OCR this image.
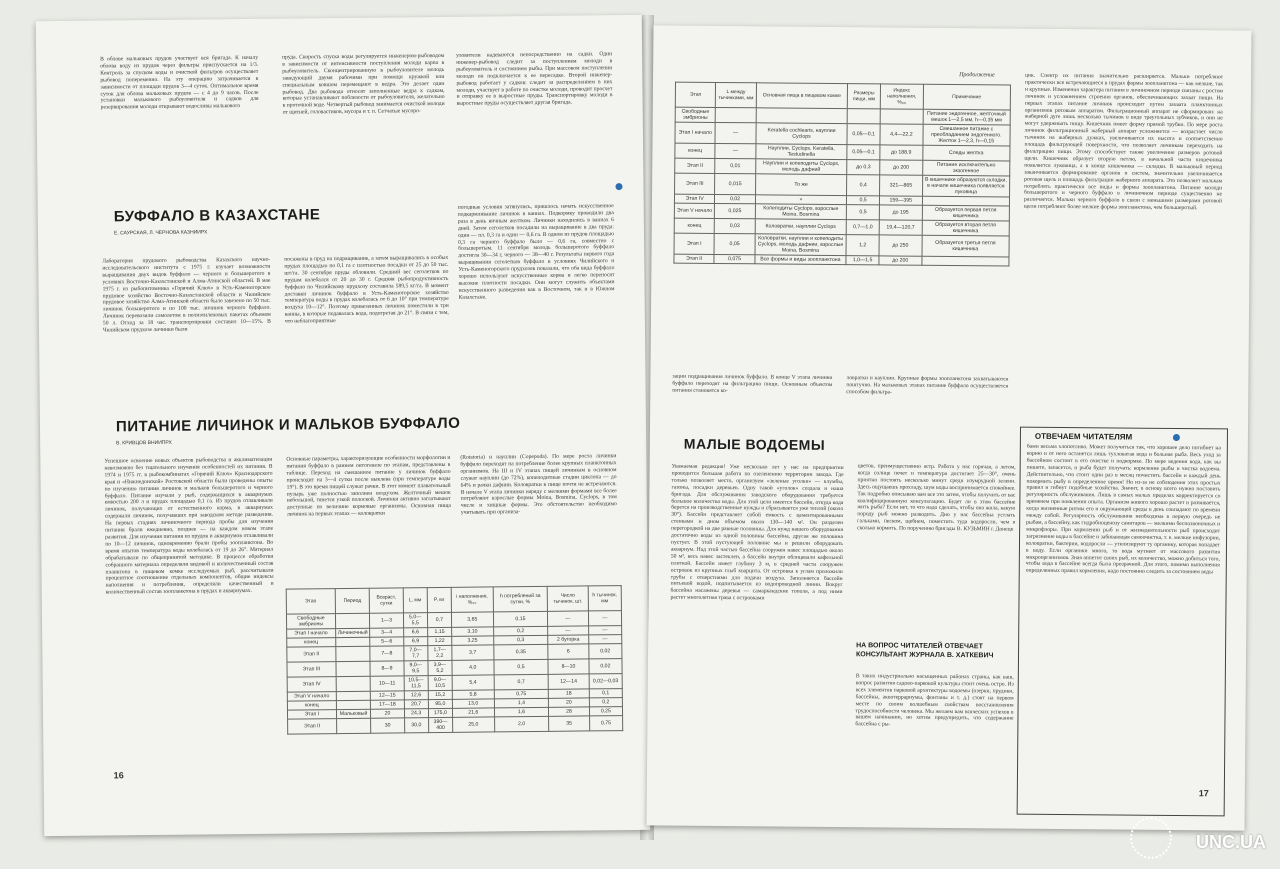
В облове мальковых прудов участвует вся бригада. К началу облова воду из прудов через фильтры приспускается на 1/3. Контроль за спуском воды и очисткой фильтров осуществляет рыбовод попеременно. На эту операцию затрачивается в зависимости от площади прудов 3—4 суток. Оптимальное время суток для облова мальковых прудов — с 4 до 9 часов. После установки малькового рыбоуловителя и садков для резервирования молоди открывают водосливы малькового
пруда. Скорость спуска воды регулируется инженером-рыбоводом в зависимости от интенсивности поступления молоди карпа в рыбоуловитель. Сконцентрированную в рыбоуловителе молодь заведующий двумя рабочими при помощи кружкой или специальным ковшом перемещают в ведра. Это делает один рыбовод. Два рыбовода относят заполненные ведра к садкам, которые устанавливают поблизости от рыбоуловителя, желательно в проточной воде. Четвертый рыбовод занимается очисткой молоди от щитней, головастиков, мусора и т. п. Сетчатые мусоро-
уловители надеваются непосредственно на садки. Один инженер-рыбовод следит за поступлением молоди в рыбоуловитель и состоянием рыбы. При массовом поступлении молоди он подключается к ее пересадке. Второй инженер-рыбовод работает у садков: следит за распределением в них молоди, участвует в работе по очистке молоди, проводит просчет и отправку ее в выростные пруды. Транспортировку молоди в выростные пруды осуществляет другая бригада.
БУФФАЛО В КАЗАХСТАНЕ
Е. САУРСКАЯ, Л. ЧЕРНОВА КАЗНИИРХ
Лаборатория прудового рыбоводства Казахского научно-исследовательского института с 1975 г. изучает возможности выращивания двух видов буффало — черного и большеротого в условиях Восточно-Казахстанской и Алма-Атинской областей. В мае 1975 г. из рыбопитомника «Горячий Ключ» в Усть-Каменогорское прудовое хозяйство Восточно-Казахстанской области и Чилийское прудовое хозяйство Алма-Атинской области было завезено по 50 тыс. личинок большеротого и по 100 тыс. личинок черного буффало. Личинок перевозили самолетом в полиэтиленовых пакетах объемом 50 л. Отход за 18 час. транспортировки составил 10—15%. В Чилийском прудхозе личинки были
посажены в пруд на подращивание, а затем выращивались в особых прудах площадью по 0,1 га с плотностью посадки от 25 до 50 тыс. шт/га. 30 сентября пруды обловили. Средний вес сеголетков по прудам колебался от 20 до 30 г. Средняя рыбопродуктивность буффало по Чилийскому прудхозу составила 589,5 кг/га. В момент доставки личинок буффало в Усть-Каменогорское хозяйство температура воды в прудах колебалась от 6 до 10° при температуре воздуха 10—12°. Поэтому привезенных личинок поместили в три ванны, в которые подавалась вода, подогретая до 21°. В связи с тем, что неблагоприятные
погодные условия затянулись, пришлось начать искусственное подкармливание личинок в ваннах. Подкормку проводили два раза в день яичным желтком. Личинки находились в ваннах 6 дней. Затем сеголетков посадили на выращивание в два пруда: один — пл. 0,3 га и один — 0,6 га. В одном из прудов площадью 0,3 га черного буффало было — 0,6 га, совместно с большеротым. 11 сентября молодь большеротого буффало достигла 30—34 г, черного — 38—40 г. Результаты первого года выращивания сеголетков буффало в условиях Чилийского и Усть-Каменогорского прудхозов показали, что оба вида буффало хорошо используют искусственные корма и легко переносят высокие плотности посадки. Они могут служить объектами искусственного разведения как в Восточном, так и в Южном Казахстане.
ПИТАНИЕ ЛИЧИНОК И МАЛЬКОВ БУФФАЛО
В. КРИВЦОВ ВНИИПРХ
Успешное освоение новых объектов рыбоводства и акклиматизации невозможно без тщательного изучения особенностей их питания. В 1974 и 1975 гг. в рыбокомбинатах «Горячий Ключ» Краснодарского края и «Нижнедонской» Ростовской области были проведены опыты по изучению питания личинок и мальков большеротого и черного буффало. Питание изучали у рыб, содержащихся в аквариумах емкостью 200 л и прудах площадью 0,1 га. Из прудов отлавливали личинок, получающих от естественного корма, в аквариумах содержали личинок, получавших при заводском методе разведения. На первых стадиях личиночного периода пробы для изучения питания брали ежедневно, позднее — на каждом новом этапе развития. Для изучения питания из прудов и аквариумов отлавливали по 10—12 личинок, одновременно брали пробы зоопланктона. Во время опытов температура воды колебалась от 19 до 26°. Материал обрабатывали по общепринятой методике. В процессе обработки собранного материала определяли видовой и количественный состав планктона в пищевом комке исследуемых рыб, рассчитывали процентное соотношение отдельных компонентов, общие индексы наполнения и потребления, определяли качественный и количественный состав зоопланктона в прудах и аквариумах.
Основные параметры, характеризующие особенности морфологии и питания буффало в раннем онтогенезе по этапам, представлены в таблице. Переход на смешанное питание у личинок буффало происходит на 3—4 сутки после выклева (при температуре воды 19°). В это время пищей служат рачки. В этот момент плавательный пузырь уже полностью заполнен воздухом. Желточный мешок небольшой, тянется узкой полоской. Личинки активно заглатывают доступные по величине кормовые организмы. Основная пища личинок на первых этапах — коловратки
(Rotatoria) и науплии (Copepoda). По мере роста личинки буффало переходят на потребление более крупных планктонных организмов. На III и IV этапах пищей личинкам в основном служат науплии (до 72%), копеподитные стадии циклопа — до 64% и рачки дафнии. Коловратки в пище почти не встречаются. В начале V этапа личинки наряду с мелкими формами все более потребляют взрослые формы Moina, Bosmina, Cyclops, в том числе и хищные формы. Это обстоятельство необходимо учитывать при организа-
Этап	Период	Возраст, сутки	L, мм	P, мг	i наполнения, %₀₀	h потреблений за сутки, %	Число тычинок, шт.	h тычинок, мм
Свободные эмбрионы		1—3	5,0—5,5	0,7	3,65	0,15	—	—
Этап I начало	Личиночный	3—4	6,6	1,15	3,10	0,2	—	—
конец		5—6	6,9	1,22	3,25	0,3	2 бугорка	—
Этап II		7—8	7,0—7,7	1,7—2,2	3,7	0,35	6	0,02
Этап III		8—9	9,0—9,5	3,9—5,2	4,0	0,5	8—10	0,02
Этап IV		10—11	10,5—11,5	9,0—10,5	5,4	0,7	12—14	0,02—0,03
Этап V начало		12—15	12,6	15,2	5,8	0,75	18	0,1
конец		17—18	20,7	95,0	13,0	1,4	20	0,2
Этап I	Мальковый	20	24,3	175,0	21,6	1,6	28	0,25
Этап II		30	30,0	390—400	25,0	2,0	35	0,75
16
Продолжение
Этап	L между тычинками, мм	Основная пища в пищевом комке	Размеры пищи, мм	Индекс наполнения, %₀₀	Примечание
Свободные эмбрионы					Питание эндогенное, желточный мешок 1—2,5 мм, h—0,35 мм
Этап I начало	—	Keratella cochlearis, науплии Cyclops	0,05—0,1	4,4—22,2	Смешанное питание с преобладанием эндогенного. Желток 1—2,3, h—0,15
конец	—	Науплии, Cyclops, Keratella, Testudinella	0,05—0,1	до 188,9	Следы желтка
Этап II	0,01	Науплии и копеподиты Cyclops, молодь дафний	до 0,3	до 200	Питание исключительно экзогенное
Этап III	0,015	То же	0,4	321—865	В кишечнике образуются складки, в начале кишечника появляется луковица
Этап IV	0,02	»	0,5	159—395	
Этап V начало	0,025	Копеподиты Cyclops, взрослые Moina, Bosmina	0,5	до 195	Образуется первая петля кишечника
конец	0,03	Коловратки, науплии Cyclops	0,7—1,0	19,4—120,7	Образуется вторая петля кишечника
Этап I	0,05	Коловратки, науплии и копеподиты Cyclops, молодь дафнии, взрослые Moina, Bosmina	1,2	до 250	Образуется третья петля кишечника
Этап II	0,075	Все формы и виды зоопланктона	1,0—1,5	до 200	
цик. Спектр их питания значительно расширяется. Мальки потребляют практически все встречающиеся в прудах формы зоопланктона — как мелкие, так и крупные. Изменения характера питания в личиночном периоде связаны с ростом личинок и усложнением строения органов, обеспечивающих захват пищи. На первых этапах питание личинок происходит путем захвата планктонных организмов ротовым аппаратом. Фильтрационный аппарат не сформирован: на жаберной дуге лишь несколько тычинок в виде треугольных зубчиков, и они не могут удерживать пищу. Кишечник имеет форму прямой трубки. По мере роста личинок фильтрационный жаберный аппарат усложняется — возрастает число тычинок на жаберных дужках, увеличивается их высота и соответственно площадь фильтрующей поверхности, что позволяет личинкам переходить на фильтрацию пищи. Этому способствует также увеличение размеров ротовой щели. Кишечник образует вторую петлю, в начальной части кишечника появляется луковица, а в конце кишечника — складки. В мальковый период заканчивается формирование органов и систем, значительно увеличивается ротовая щель и площадь фильтрации жаберного аппарата. Это позволяет малькам потреблять практически все виды и формы зоопланктона. Питание молоди большеротого и черного буффало в личиночном периоде существенно не различается. Мальки черного буффало в связи с меньшими размерами ротовой щели потребляют более мелкие формы зоопланктона, чем большеротый.
зации подращивания личинок буффало. В конце V этапа личинки буффало переходят на фильтрацию пищи. Основным объектом питания становятся ко-
ловратки и науплии. Крупные формы зоопланктона захватываются поштучно. На мальковых этапах питание буффало осуществляется способом фильтра-
МАЛЫЕ ВОДОЕМЫ
Уважаемая редакция! Уже несколько лет у нас на предприятии проводится большая работа по озеленению территории завода. Где только позволяет место, организуем «зеленые уголки» — клумбы, газоны, посадки деревьев. Одну такой «уголок» создала и наша бригада. Для обслуживания заводского оборудования требуется большое количество воды. Для этой цели имеется бассейн, откуда вода берется на производственные нужды и сбрасывается уже теплой (около 30°). Бассейн представляет собой емкость с цементированными стенками и дном объемом около 130—140 м². Он разделен перегородкой на две равные половины. Для нужд нашего оборудования достаточно воды из одной половины бассейна, другая же половина пустует. В этой пустующей половине мы и решили оборудовать аквариум. Над этой частью бассейна сооружен навес площадью около 50 м², весь навес застеклен, а бассейн внутри облицевали кафельной плиткой. Бассейн имеет глубину 3 м, в средней части сооружен островок из крупных глыб кварцита. От островка к углам проложили трубы с отверстиями для подачи воздуха. Заполняется бассейн питьевой водой, подпитывается из водопроводной линии. Вокруг бассейна насажены деревья — самаркандские тополя, а под ними растет многолетняя трава с островками
цветов, преимущественно астр. Работа у нас горячая, а летом, когда солнце печет и температура достигает 25—30°, очень приятно постоять несколько минут среди изумрудной зелени. Здесь ощущаешь прохладу, шум воды воспринимается спокойнее. Так подробно описываю вам все это затем, чтобы получить от вас квалифицированную консультацию. Будет ли в этом бассейне жить рыба? Если нет, то что надо сделать, чтобы она жила, какую породу рыб можно разводить. Дно у нас бассейна устлать гальками, песком, щебнем, поместить туда водоросли, чем я сколько кормить. По поручению бригады В. КУЗЬМИН г. Донецк
НА ВОПРОС ЧИТАТЕЛЕЙ ОТВЕЧАЕТ КОНСУЛЬТАНТ ЖУРНАЛА В. ХАТКЕВИЧ
В таких индустриально насыщенных районах страны, как ваш, вопрос развития садово-парковой культуры стоит очень остро. Из всех элементов парковой архитектуры водоемы (озерки, прудики, бассейны, аквотеррариумы, фонтаны и т. д.) стоят на первом месте по своим волшебным свойствам восстановления трудоспособности человека. Мы желаем вам всяческих успехов в вашем начинании, но хотим предупредить, что содержание бассейна с ры-
ОТВЕЧАЕМ ЧИТАТЕЛЯМ
бами весьма хлопотливо. Может получиться так, что хорошее дело погибнет на корню и от него останется лишь тухловатая вода и больная рыба. Весь уход за бассейном состоит в его очистке и подкормке. По мере ведения вода, как вы пишете, запасется, и рыба будет получать: кормление рыбы и чистка водоема. Действительно, что стоит один раз в месяц почистить бассейн и каждый день покормить рыбу в определенное время! Но из-за не соблюдения этих простых правил и гибнут подобные хозяйства. Значит, в основу всего нужно поставить регулярность обслуживания. Лишь в самых малых пределах корректируется со временем при появлении опыта. Организм живого хорошо растет и развивается, когда жизненные ритмы его и окружающей среды в день совпадают по времени между собой. Регулярность обслуживания необходима в первую очередь не рыбам, а бассейну, как гидробиоценозу санитаров — мелкими беспозвоночных и микрофлоры. При кормлении рыб и от жизнедеятельности рыб происходит загрязнение воды в бассейне и забивающая самоочистка, т. е. мелкие инфузории, коловратки, бактерии, водоросли — утилизируют ту органику, которая попадает в воду. Если органики много, то вода мутнеет от массового развития микроорганизмов. Зная аппетит своих рыб, их количество, можно добиться того, чтобы вода в бассейне всегда была прозрачной. Для этого, помимо выполнения определенных правил кормления, надо постоянно следить за состоянием воды
17
UNC.UA
